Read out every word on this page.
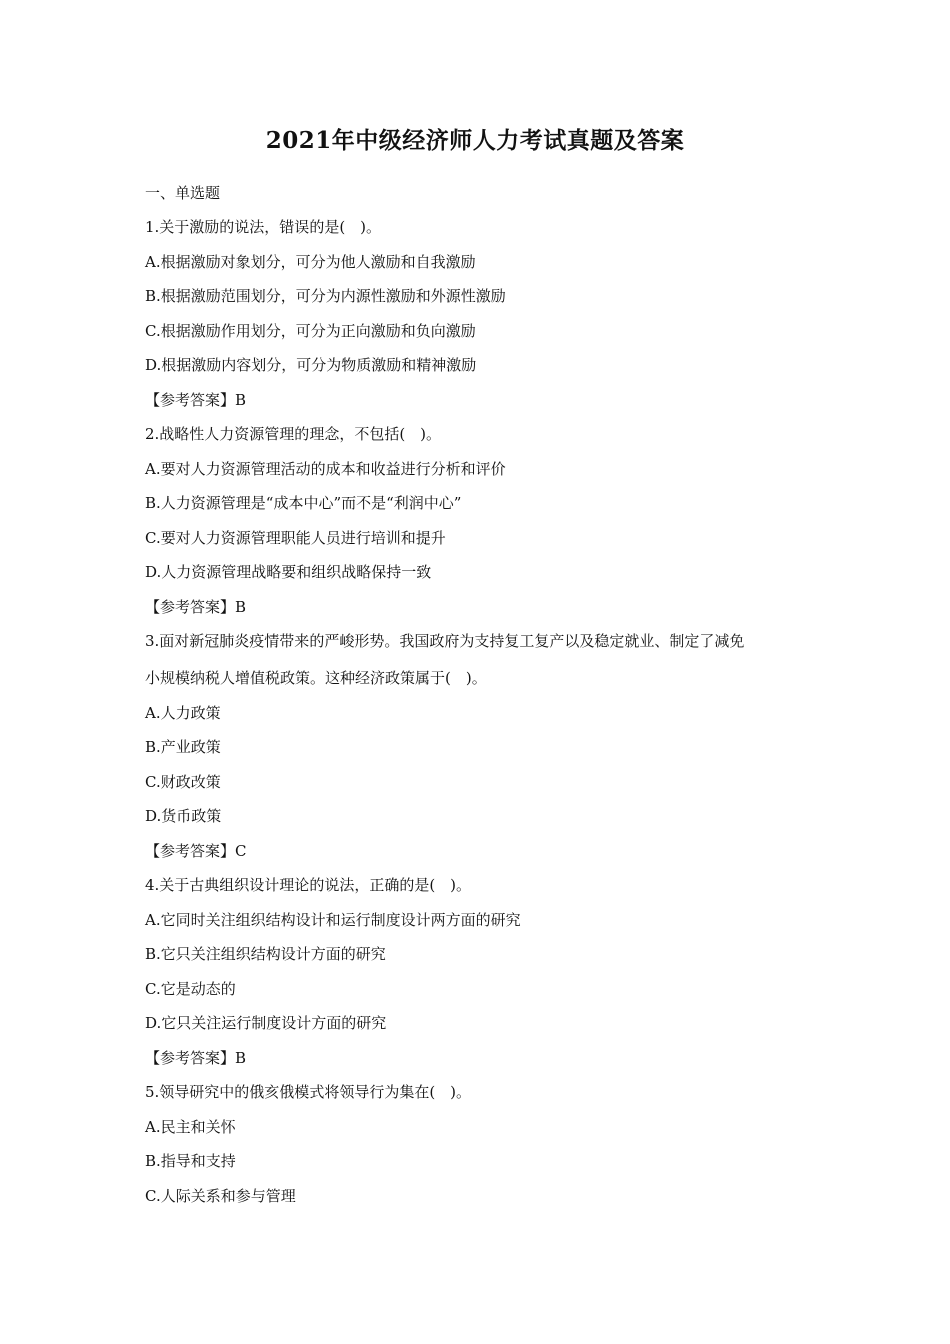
2021年中级经济师人力考试真题及答案
一、单选题
1.关于激励的说法，错误的是(　)。
A.根据激励对象划分，可分为他人激励和自我激励
B.根据激励范围划分，可分为内源性激励和外源性激励
C.根据激励作用划分，可分为正向激励和负向激励
D.根据激励内容划分，可分为物质激励和精神激励
【参考答案】B
2.战略性人力资源管理的理念，不包括(　)。
A.要对人力资源管理活动的成本和收益进行分析和评价
B.人力资源管理是“成本中心”而不是“利润中心”
C.要对人力资源管理职能人员进行培训和提升
D.人力资源管理战略要和组织战略保持一致
【参考答案】B
3.面对新冠肺炎疫情带来的严峻形势。我国政府为支持复工复产以及稳定就业、制定了减免
小规模纳税人增值税政策。这种经济政策属于(　)。
A.人力政策
B.产业政策
C.财政改策
D.货币政策
【参考答案】C
4.关于古典组织设计理论的说法，正确的是(　)。
A.它同时关注组织结构设计和运行制度设计两方面的研究
B.它只关注组织结构设计方面的研究
C.它是动态的
D.它只关注运行制度设计方面的研究
【参考答案】B
5.领导研究中的俄亥俄模式将领导行为集在(　)。
A.民主和关怀
B.指导和支持
C.人际关系和参与管理
